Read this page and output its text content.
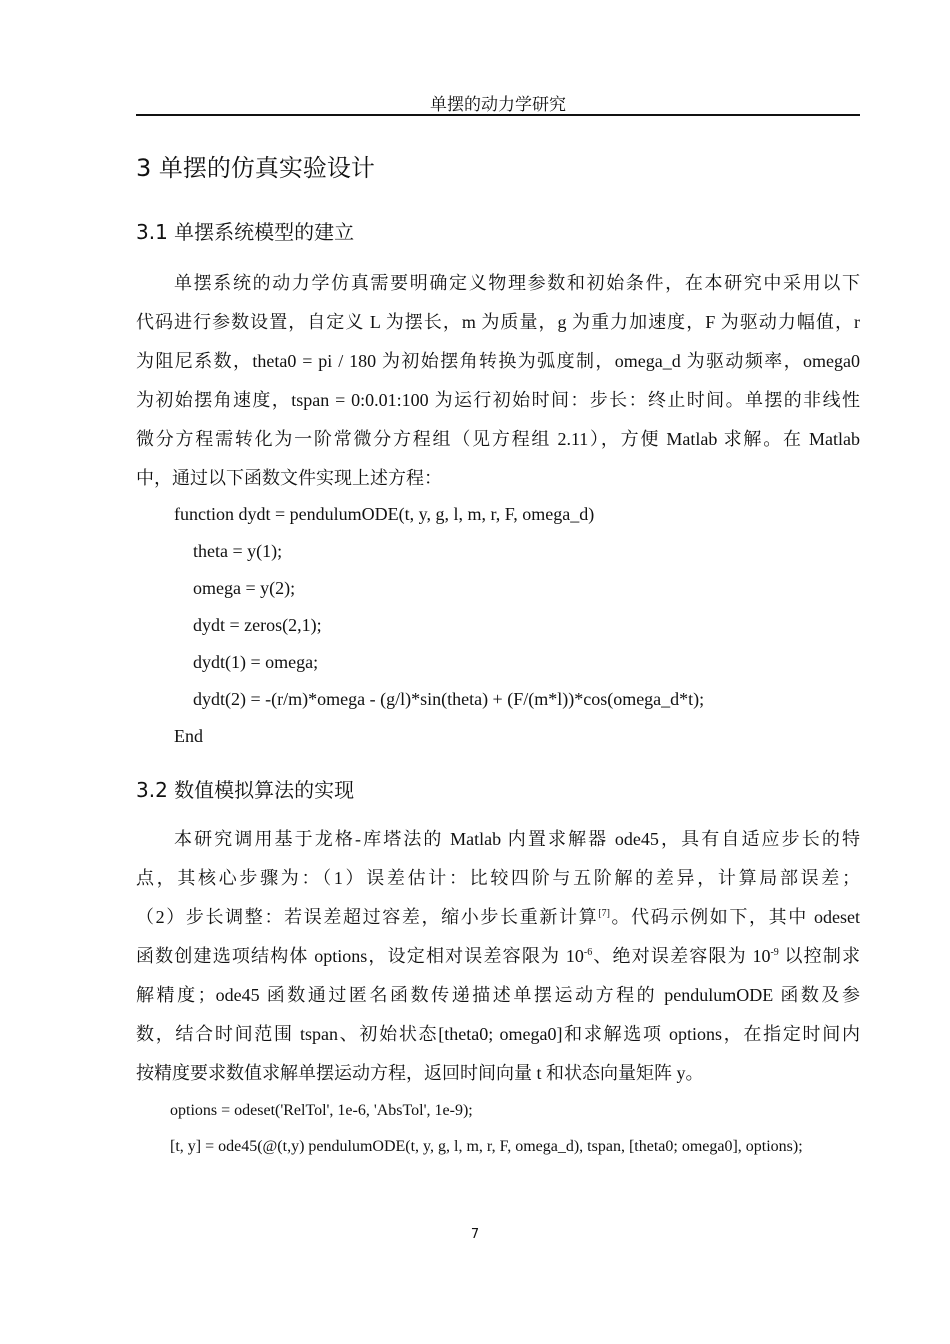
单摆的动力学研究
3 单摆的仿真实验设计
3.1 单摆系统模型的建立
单摆系统的动力学仿真需要明确定义物理参数和初始条件，在本研究中采用以下
代码进行参数设置，自定义 L 为摆长，m 为质量，g 为重力加速度，F 为驱动力幅值，r
为阻尼系数，theta0 = pi / 180 为初始摆角转换为弧度制，omega_d 为驱动频率，omega0
为初始摆角速度，tspan = 0:0.01:100 为运行初始时间：步长：终止时间。单摆的非线性
微分方程需转化为一阶常微分方程组（见方程组 2.11），方便 Matlab 求解。在 Matlab
中，通过以下函数文件实现上述方程：
function dydt = pendulumODE(t, y, g, l, m, r, F, omega_d)
theta = y(1);
omega = y(2);
dydt = zeros(2,1);
dydt(1) = omega;
dydt(2) = -(r/m)*omega - (g/l)*sin(theta) + (F/(m*l))*cos(omega_d*t);
End
3.2 数值模拟算法的实现
本研究调用基于龙格-库塔法的 Matlab 内置求解器 ode45，具有自适应步长的特
点，其核心步骤为：（1）误差估计：比较四阶与五阶解的差异，计算局部误差；
（2）步长调整：若误差超过容差，缩小步长重新计算[7]。代码示例如下，其中 odeset
函数创建选项结构体 options，设定相对误差容限为 $10^{-6}$、绝对误差容限为 $10^{-9}$ 以控制求
解精度；ode45 函数通过匿名函数传递描述单摆运动方程的 pendulumODE 函数及参
数，结合时间范围 tspan、初始状态[theta0; omega0]和求解选项 options，在指定时间内
按精度要求数值求解单摆运动方程，返回时间向量 t 和状态向量矩阵 y。
options = odeset('RelTol', 1e-6, 'AbsTol', 1e-9);
[t, y] = ode45(@(t,y) pendulumODE(t, y, g, l, m, r, F, omega_d), tspan, [theta0; omega0], options);
7
